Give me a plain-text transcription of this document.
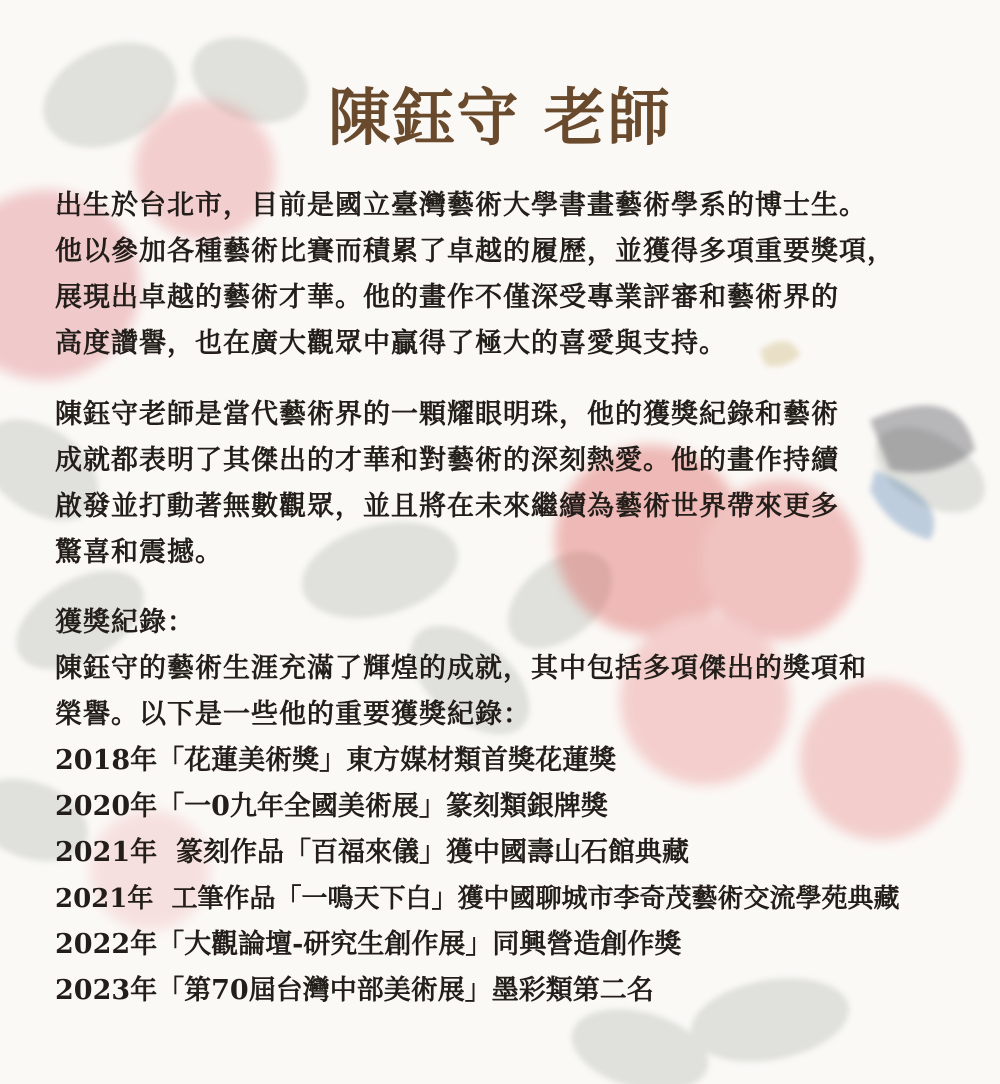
陳鈺守 老師
出生於台北市，目前是國立臺灣藝術大學書畫藝術學系的博士生。
他以參加各種藝術比賽而積累了卓越的履歷，並獲得多項重要獎項，
展現出卓越的藝術才華。他的畫作不僅深受專業評審和藝術界的
高度讚譽，也在廣大觀眾中贏得了極大的喜愛與支持。
陳鈺守老師是當代藝術界的一顆耀眼明珠，他的獲獎紀錄和藝術
成就都表明了其傑出的才華和對藝術的深刻熱愛。他的畫作持續
啟發並打動著無數觀眾，並且將在未來繼續為藝術世界帶來更多
驚喜和震撼。
獲獎紀錄：
陳鈺守的藝術生涯充滿了輝煌的成就，其中包括多項傑出的獎項和
榮譽。以下是一些他的重要獲獎紀錄：
2018年「花蓮美術獎」東方媒材類首獎花蓮獎
2020年「一0九年全國美術展」篆刻類銀牌獎
2021年  篆刻作品「百福來儀」獲中國壽山石館典藏
2021年  工筆作品「一鳴天下白」獲中國聊城市李奇茂藝術交流學苑典藏
2022年「大觀論壇-研究生創作展」同興營造創作獎
2023年「第70屆台灣中部美術展」墨彩類第二名
